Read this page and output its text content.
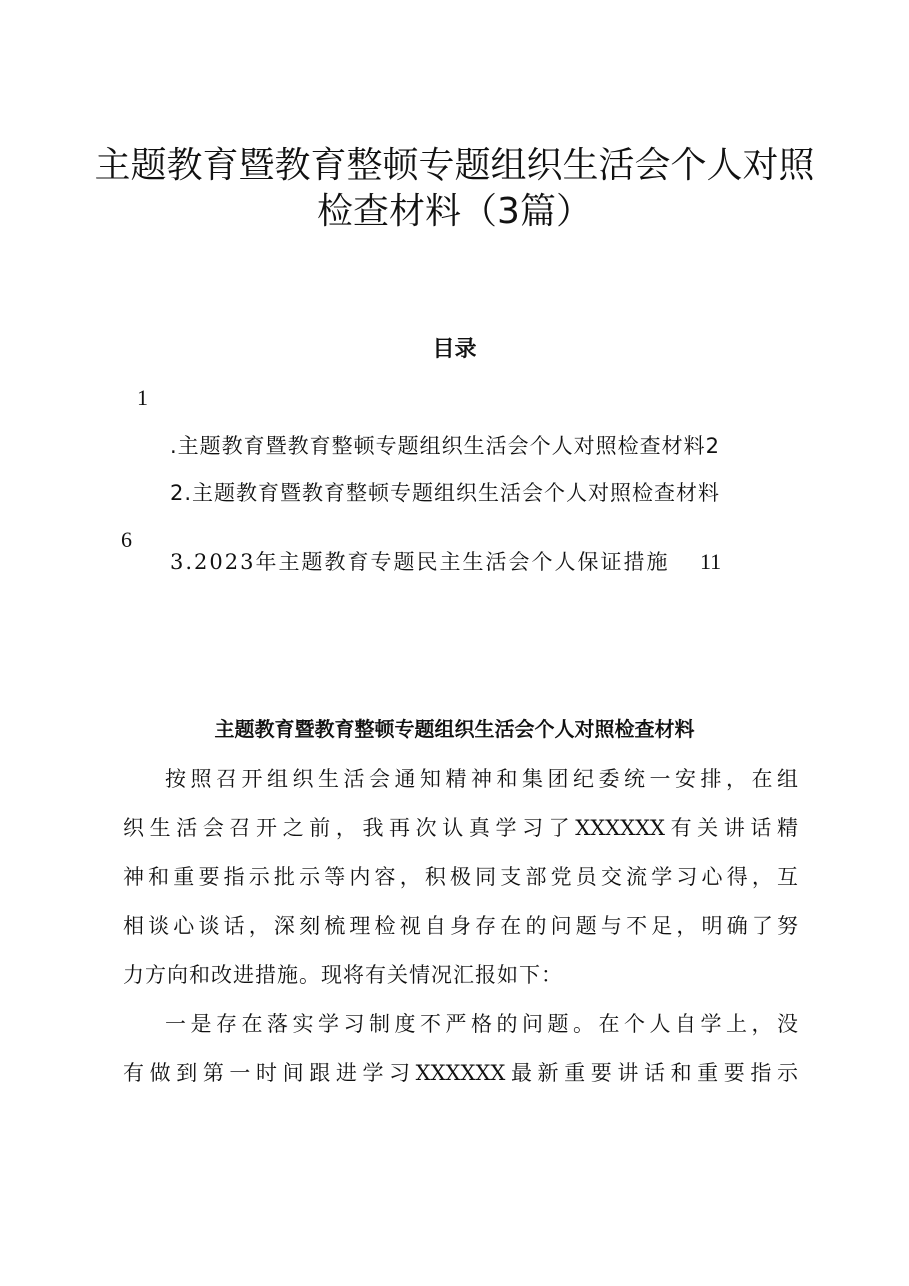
主题教育暨教育整顿专题组织生活会个人对照
检查材料（3篇）
目录
1
.主题教育暨教育整顿专题组织生活会个人对照检查材料2
2.主题教育暨教育整顿专题组织生活会个人对照检查材料
6
3.2023年主题教育专题民主生活会个人保证措施 11
主题教育暨教育整顿专题组织生活会个人对照检查材料
按照召开组织生活会通知精神和集团纪委统一安排，在组
织生活会召开之前，我再次认真学习了XXXXXX有关讲话精
神和重要指示批示等内容，积极同支部党员交流学习心得，互
相谈心谈话，深刻梳理检视自身存在的问题与不足，明确了努
力方向和改进措施。现将有关情况汇报如下：
一是存在落实学习制度不严格的问题。在个人自学上，没
有做到第一时间跟进学习XXXXXX最新重要讲话和重要指示
